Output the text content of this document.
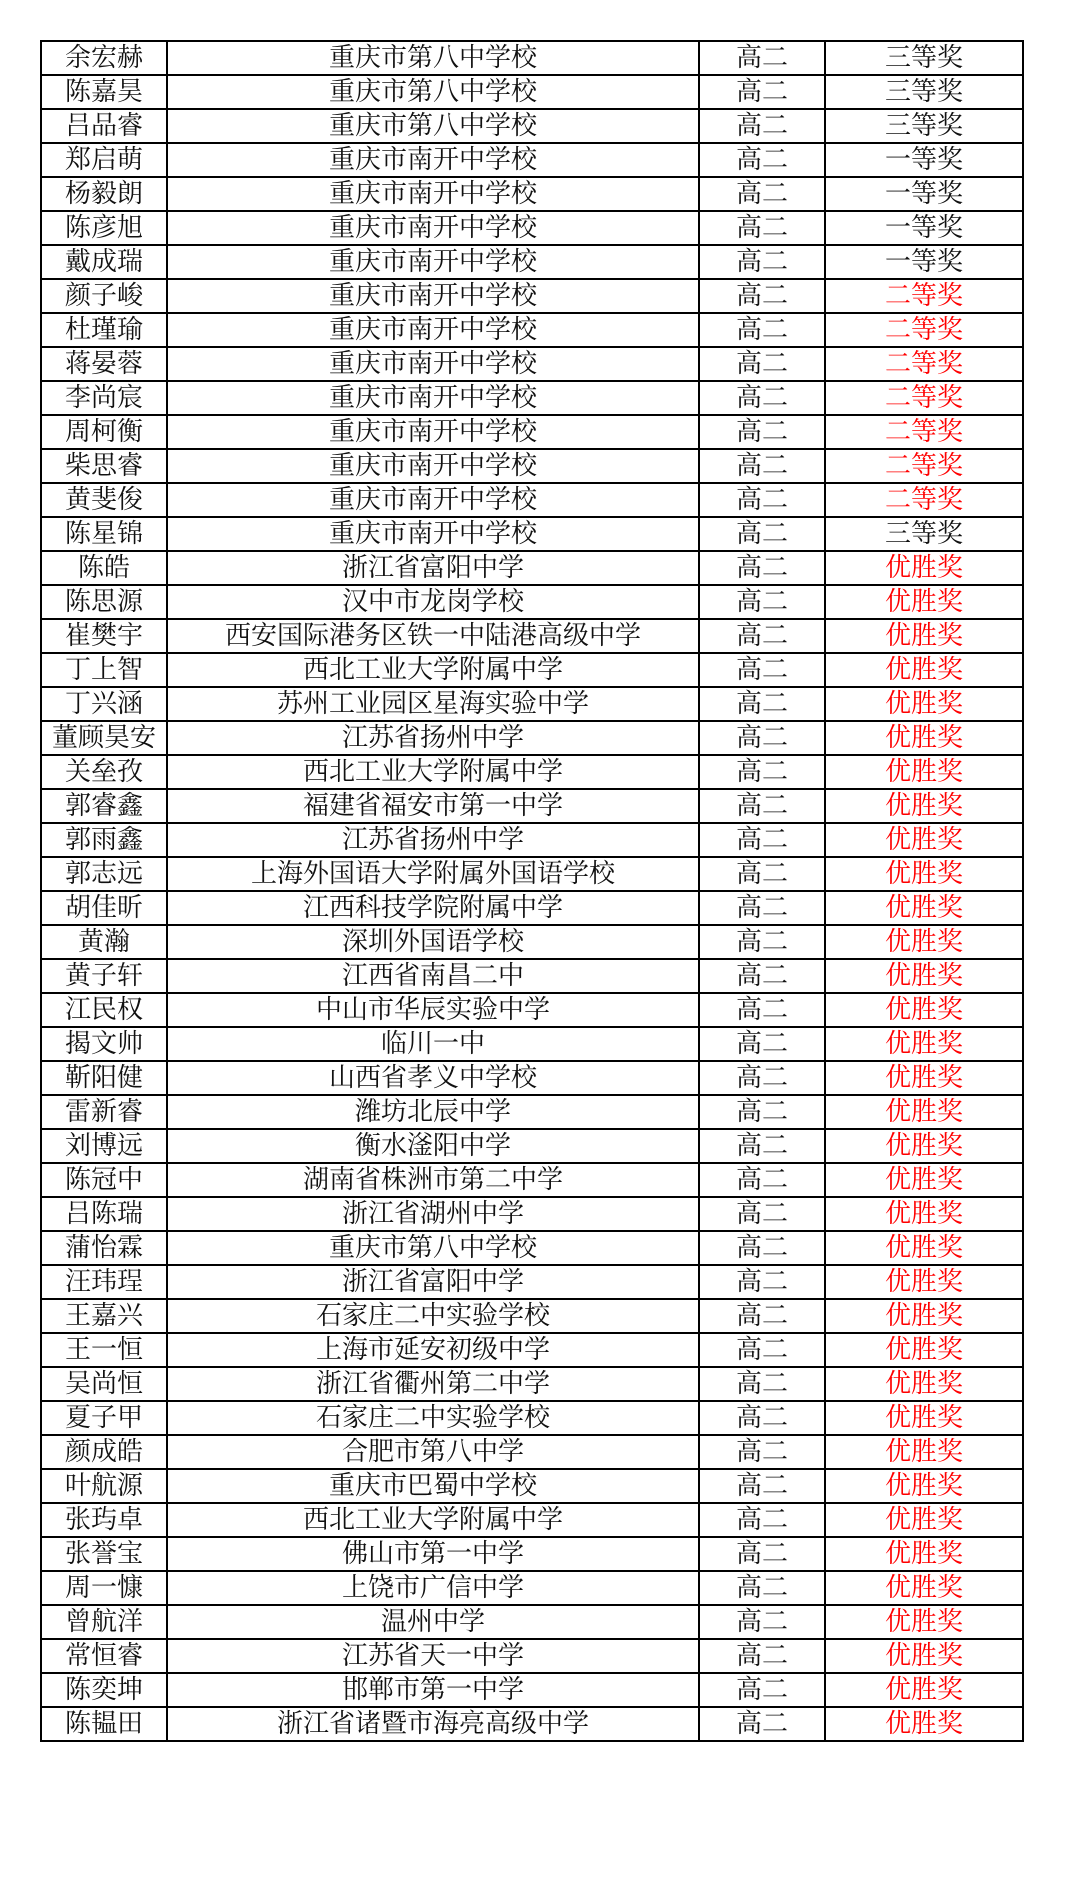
余宏赫	重庆市第八中学校	高二	三等奖
陈嘉昊	重庆市第八中学校	高二	三等奖
吕品睿	重庆市第八中学校	高二	三等奖
郑启萌	重庆市南开中学校	高二	一等奖
杨毅朗	重庆市南开中学校	高二	一等奖
陈彦旭	重庆市南开中学校	高二	一等奖
戴成瑞	重庆市南开中学校	高二	一等奖
颜子峻	重庆市南开中学校	高二	二等奖
杜瑾瑜	重庆市南开中学校	高二	二等奖
蒋晏蓉	重庆市南开中学校	高二	二等奖
李尚宸	重庆市南开中学校	高二	二等奖
周柯衡	重庆市南开中学校	高二	二等奖
柴思睿	重庆市南开中学校	高二	二等奖
黄斐俊	重庆市南开中学校	高二	二等奖
陈星锦	重庆市南开中学校	高二	三等奖
陈皓	浙江省富阳中学	高二	优胜奖
陈思源	汉中市龙岗学校	高二	优胜奖
崔樊宇	西安国际港务区铁一中陆港高级中学	高二	优胜奖
丁上智	西北工业大学附属中学	高二	优胜奖
丁兴涵	苏州工业园区星海实验中学	高二	优胜奖
董顾昊安	江苏省扬州中学	高二	优胜奖
关垒孜	西北工业大学附属中学	高二	优胜奖
郭睿鑫	福建省福安市第一中学	高二	优胜奖
郭雨鑫	江苏省扬州中学	高二	优胜奖
郭志远	上海外国语大学附属外国语学校	高二	优胜奖
胡佳昕	江西科技学院附属中学	高二	优胜奖
黄瀚	深圳外国语学校	高二	优胜奖
黄子轩	江西省南昌二中	高二	优胜奖
江民权	中山市华辰实验中学	高二	优胜奖
揭文帅	临川一中	高二	优胜奖
靳阳健	山西省孝义中学校	高二	优胜奖
雷新睿	潍坊北辰中学	高二	优胜奖
刘博远	衡水滏阳中学	高二	优胜奖
陈冠中	湖南省株洲市第二中学	高二	优胜奖
吕陈瑞	浙江省湖州中学	高二	优胜奖
蒲怡霖	重庆市第八中学校	高二	优胜奖
汪玮珵	浙江省富阳中学	高二	优胜奖
王嘉兴	石家庄二中实验学校	高二	优胜奖
王一恒	上海市延安初级中学	高二	优胜奖
吴尚恒	浙江省衢州第二中学	高二	优胜奖
夏子甲	石家庄二中实验学校	高二	优胜奖
颜成皓	合肥市第八中学	高二	优胜奖
叶航源	重庆市巴蜀中学校	高二	优胜奖
张玙卓	西北工业大学附属中学	高二	优胜奖
张誉宝	佛山市第一中学	高二	优胜奖
周一慷	上饶市广信中学	高二	优胜奖
曾航洋	温州中学	高二	优胜奖
常恒睿	江苏省天一中学	高二	优胜奖
陈奕坤	邯郸市第一中学	高二	优胜奖
陈韫田	浙江省诸暨市海亮高级中学	高二	优胜奖
